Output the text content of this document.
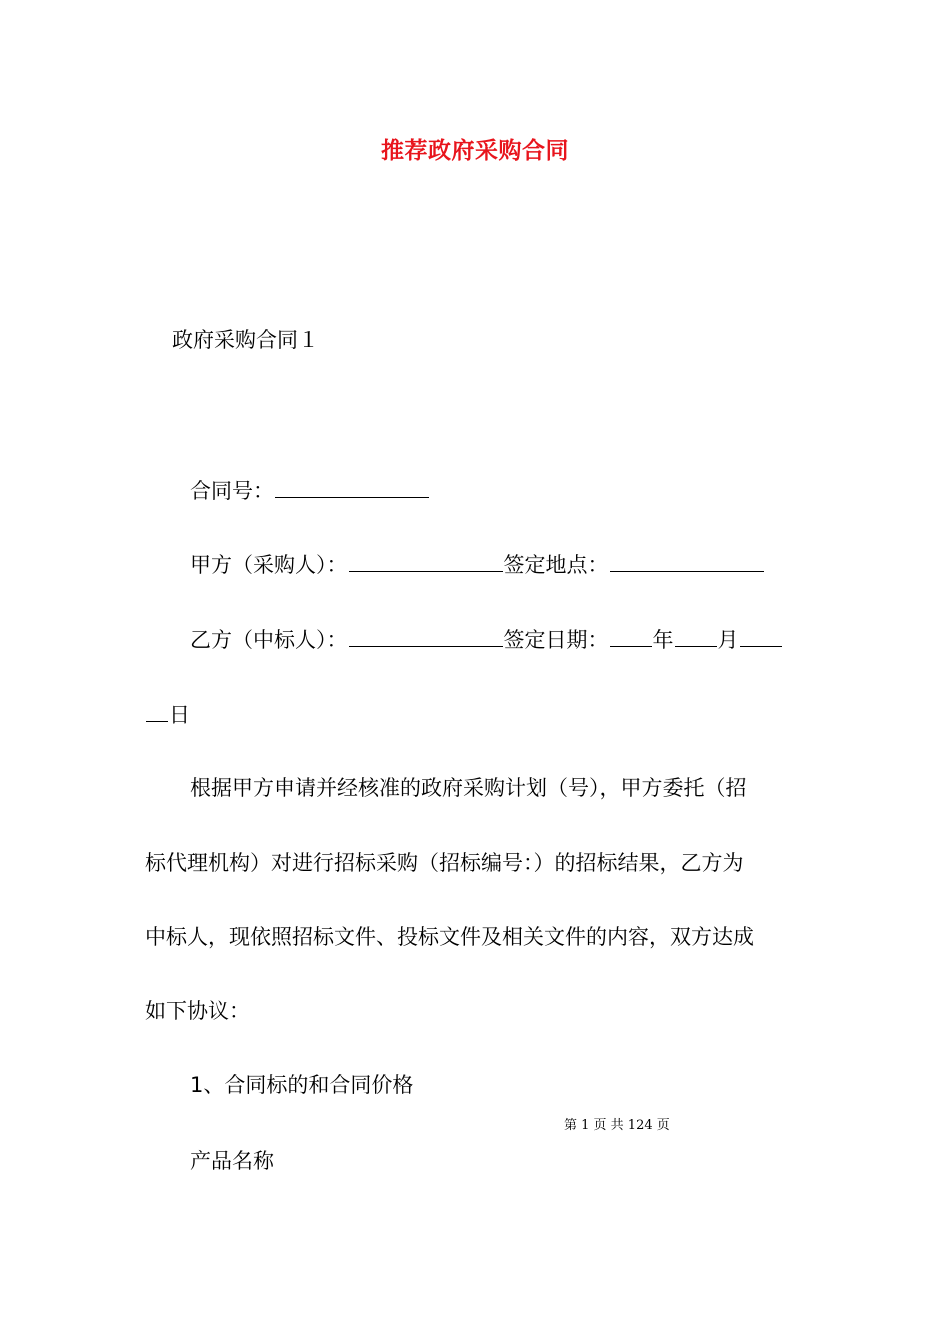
推荐政府采购合同
政府采购合同１
合同号：
甲方（采购人）：	签定地点：
乙方（中标人）：	签定日期： 年 月
日
根据甲方申请并经核准的政府采购计划（号），甲方委托（招
标代理机构）对进行招标采购（招标编号：）的招标结果，乙方为
中标人，现依照招标文件、投标文件及相关文件的内容，双方达成
如下协议：
1、合同标的和合同价格
第 1 页 共 124 页
产品名称
